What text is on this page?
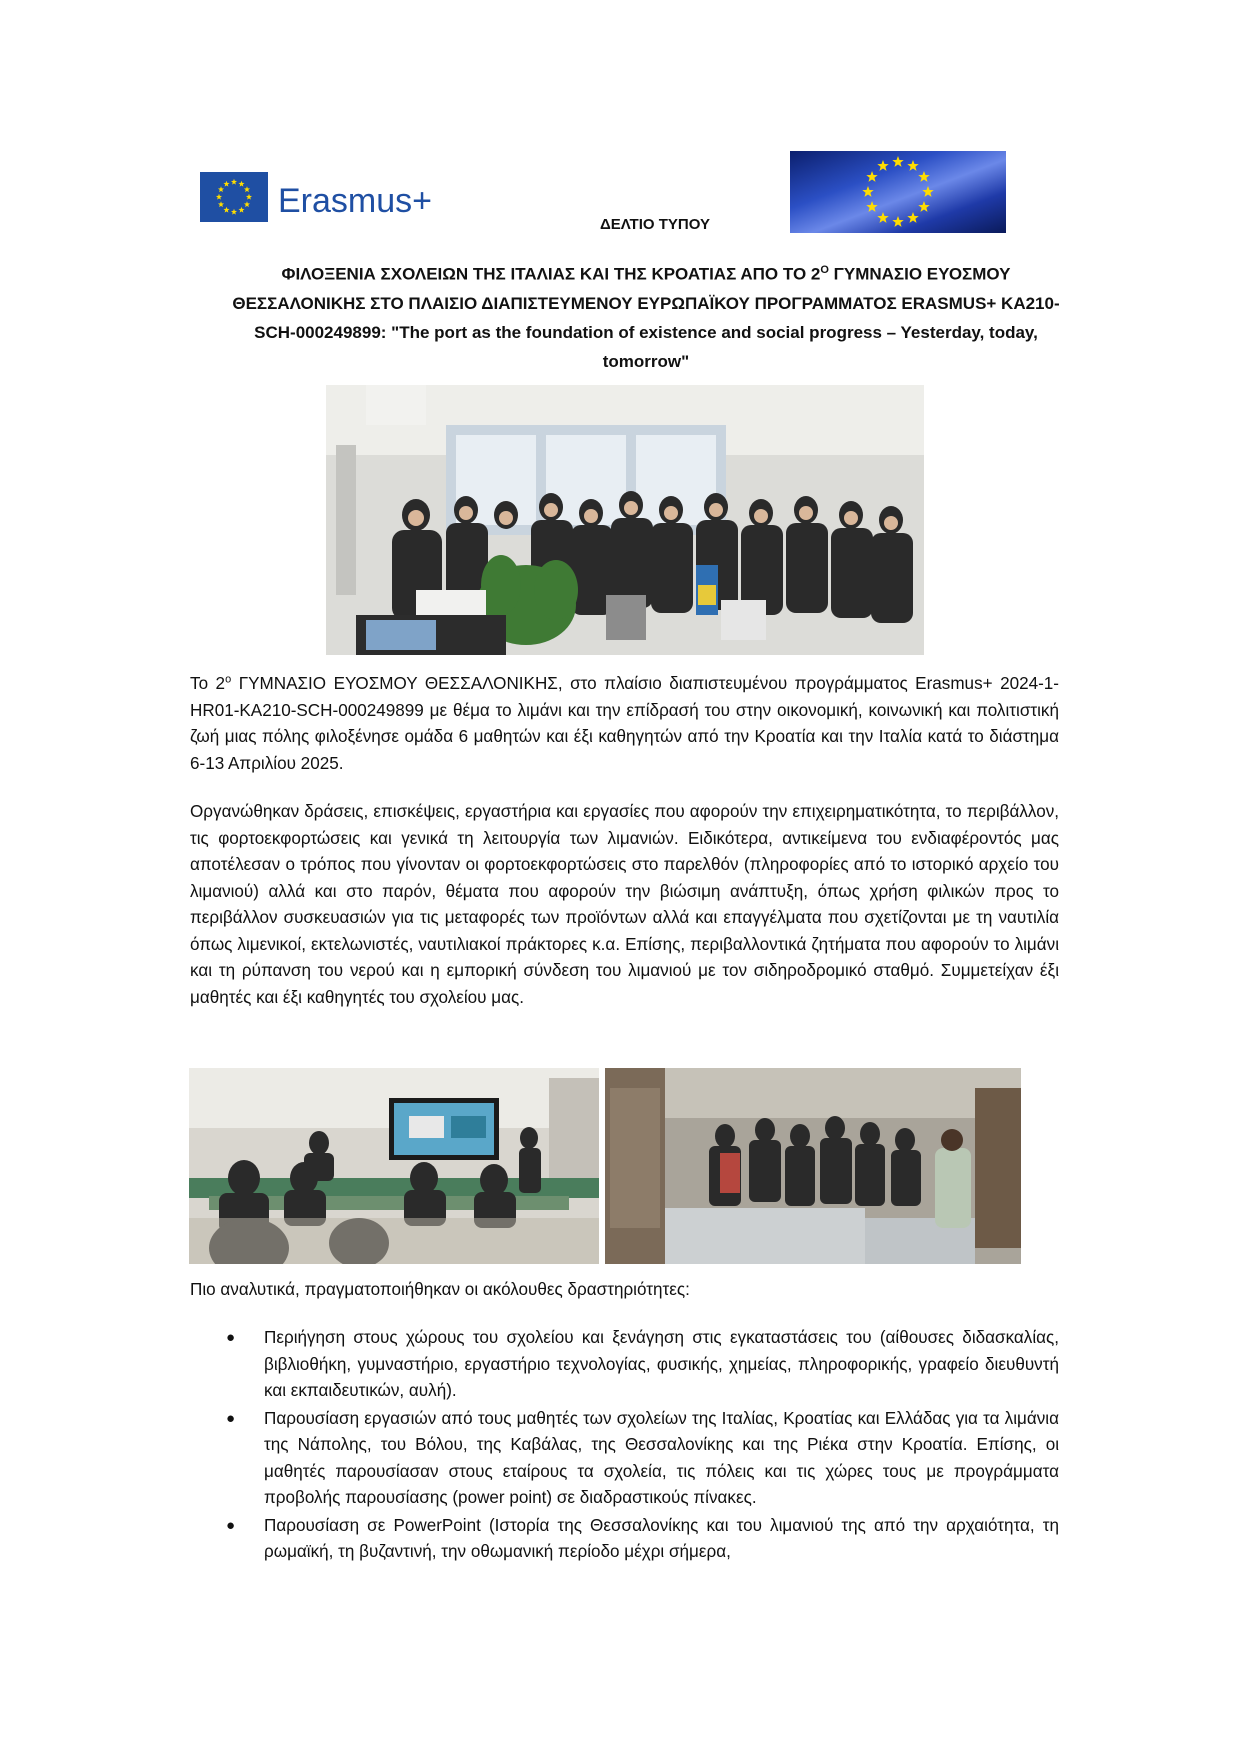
Erasmus+
ΔΕΛΤΙΟ ΤΥΠΟΥ
ΦΙΛΟΞΕΝΙΑ ΣΧΟΛΕΙΩΝ ΤΗΣ ΙΤΑΛΙΑΣ ΚΑΙ ΤΗΣ ΚΡΟΑΤΙΑΣ ΑΠΟ ΤΟ $2^O$ ΓΥΜΝΑΣΙΟ ΕΥΟΣΜΟΥ ΘΕΣΣΑΛΟΝΙΚΗΣ ΣΤΟ ΠΛΑΙΣΙΟ ΔΙΑΠΙΣΤΕΥΜΕΝΟΥ ΕΥΡΩΠΑΪΚΟΥ ΠΡΟΓΡΑΜΜΑΤΟΣ ERASMUS+ KA210-SCH-000249899: "The port as the foundation of existence and social progress – Yesterday, today, tomorrow"
Το $2^o$ ΓΥΜΝΑΣΙΟ ΕΥΟΣΜΟΥ ΘΕΣΣΑΛΟΝΙΚΗΣ, στο πλαίσιο διαπιστευμένου προγράμματος Erasmus+ 2024-1-HR01-KA210-SCH-000249899 με θέμα το λιμάνι και την επίδρασή του στην οικονομική, κοινωνική και πολιτιστική ζωή μιας πόλης φιλοξένησε ομάδα 6 μαθητών και έξι καθηγητών από την Κροατία και την Ιταλία κατά το διάστημα 6-13 Απριλίου 2025.
Οργανώθηκαν δράσεις, επισκέψεις, εργαστήρια και εργασίες που αφορούν την επιχειρηματικότητα, το περιβάλλον, τις φορτοεκφορτώσεις και γενικά τη λειτουργία των λιμανιών. Ειδικότερα, αντικείμενα του ενδιαφέροντός μας αποτέλεσαν ο τρόπος που γίνονταν οι φορτοεκφορτώσεις στο παρελθόν (πληροφορίες από το ιστορικό αρχείο του λιμανιού) αλλά και στο παρόν, θέματα που αφορούν την βιώσιμη ανάπτυξη, όπως χρήση φιλικών προς το περιβάλλον συσκευασιών για τις μεταφορές των προϊόντων αλλά και επαγγέλματα που σχετίζονται με τη ναυτιλία όπως λιμενικοί, εκτελωνιστές, ναυτιλιακοί πράκτορες κ.α. Επίσης, περιβαλλοντικά ζητήματα που αφορούν το λιμάνι και τη ρύπανση του νερού και η εμπορική σύνδεση του λιμανιού με τον σιδηροδρομικό σταθμό. Συμμετείχαν έξι μαθητές και έξι καθηγητές του σχολείου μας.
Πιο αναλυτικά, πραγματοποιήθηκαν οι ακόλουθες δραστηριότητες:
● Περιήγηση στους χώρους του σχολείου και ξενάγηση στις εγκαταστάσεις του (αίθουσες διδασκαλίας, βιβλιοθήκη, γυμναστήριο, εργαστήριο τεχνολογίας, φυσικής, χημείας, πληροφορικής, γραφείο διευθυντή και εκπαιδευτικών, αυλή).
● Παρουσίαση εργασιών από τους μαθητές των σχολείων της Ιταλίας, Κροατίας και Ελλάδας για τα λιμάνια της Νάπολης, του Βόλου, της Καβάλας, της Θεσσαλονίκης και της Ριέκα στην Κροατία. Επίσης, οι μαθητές παρουσίασαν στους εταίρους τα σχολεία, τις πόλεις και τις χώρες τους με προγράμματα προβολής παρουσίασης (power point) σε διαδραστικούς πίνακες.
● Παρουσίαση σε PowerPoint (Ιστορία της Θεσσαλονίκης και του λιμανιού της από την αρχαιότητα, τη ρωμαϊκή, τη βυζαντινή, την οθωμανική περίοδο μέχρι σήμερα,
